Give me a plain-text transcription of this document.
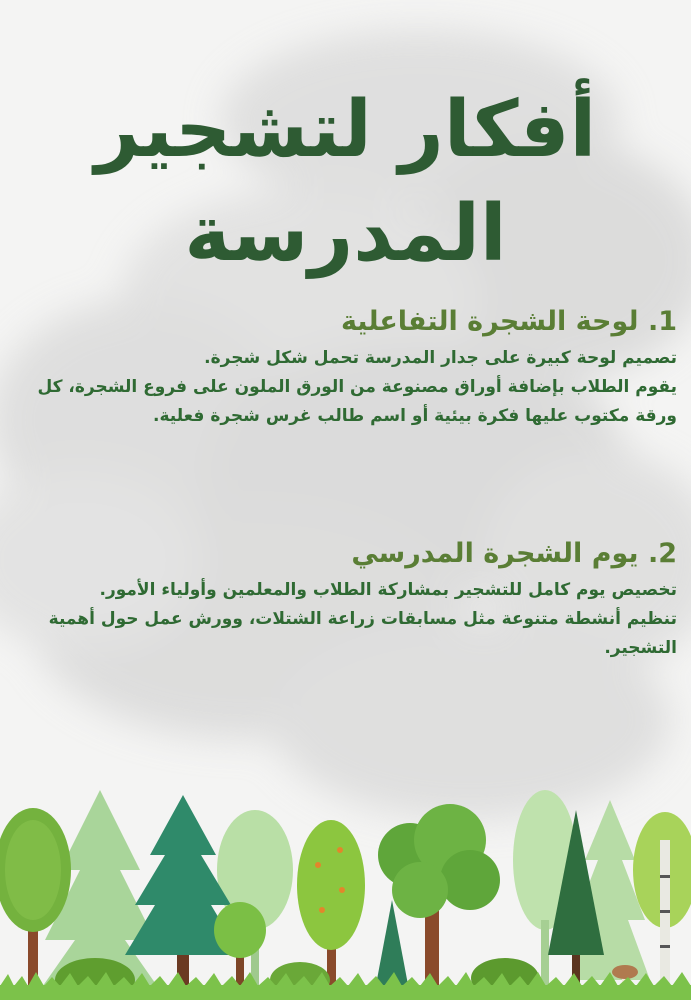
أفكار لتشجير
المدرسة

1. لوحة الشجرة التفاعلية

تصميم لوحة كبيرة على جدار المدرسة تحمل شكل شجرة.

يقوم الطلاب بإضافة أوراق مصنوعة من الورق الملون على فروع الشجرة، كل ورقة مكتوب عليها فكرة بيئية أو اسم طالب غرس شجرة فعلية.

2. يوم الشجرة المدرسي

تخصيص يوم كامل للتشجير بمشاركة الطلاب والمعلمين وأولياء الأمور.

تنظيم أنشطة متنوعة مثل مسابقات زراعة الشتلات، وورش عمل حول أهمية التشجير.
